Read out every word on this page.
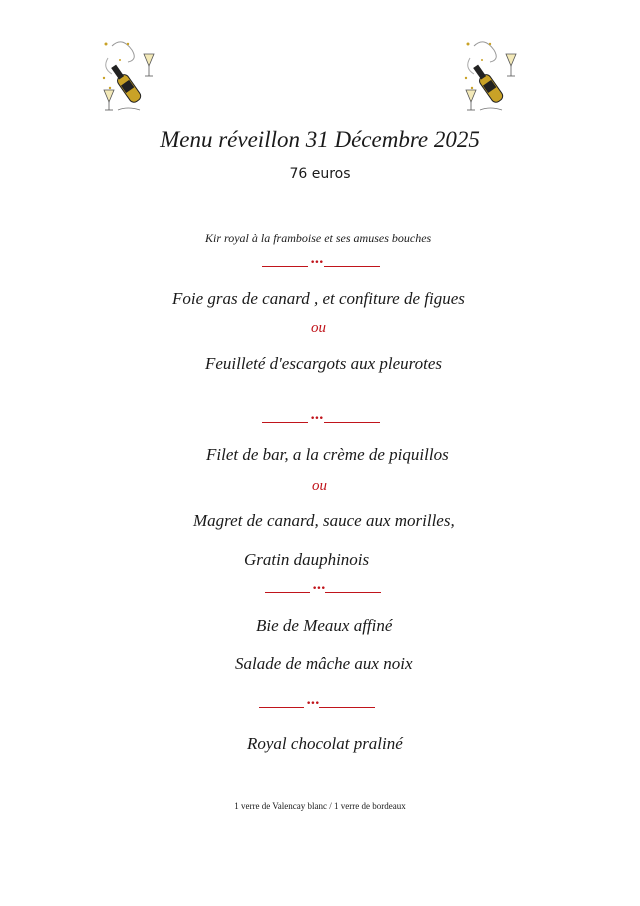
Menu réveillon 31 Décembre 2025
76 euros
Kir royal à la framboise et ses amuses bouches
•••
Foie gras de canard , et confiture de figues
ou
Feuilleté d'escargots aux pleurotes
•••
Filet de bar, a la crème de piquillos
ou
Magret de canard, sauce aux morilles,
Gratin dauphinois
•••
Bie de Meaux affiné
Salade de mâche aux noix
•••
Royal chocolat praliné
1 verre de Valencay blanc / 1 verre de bordeaux
